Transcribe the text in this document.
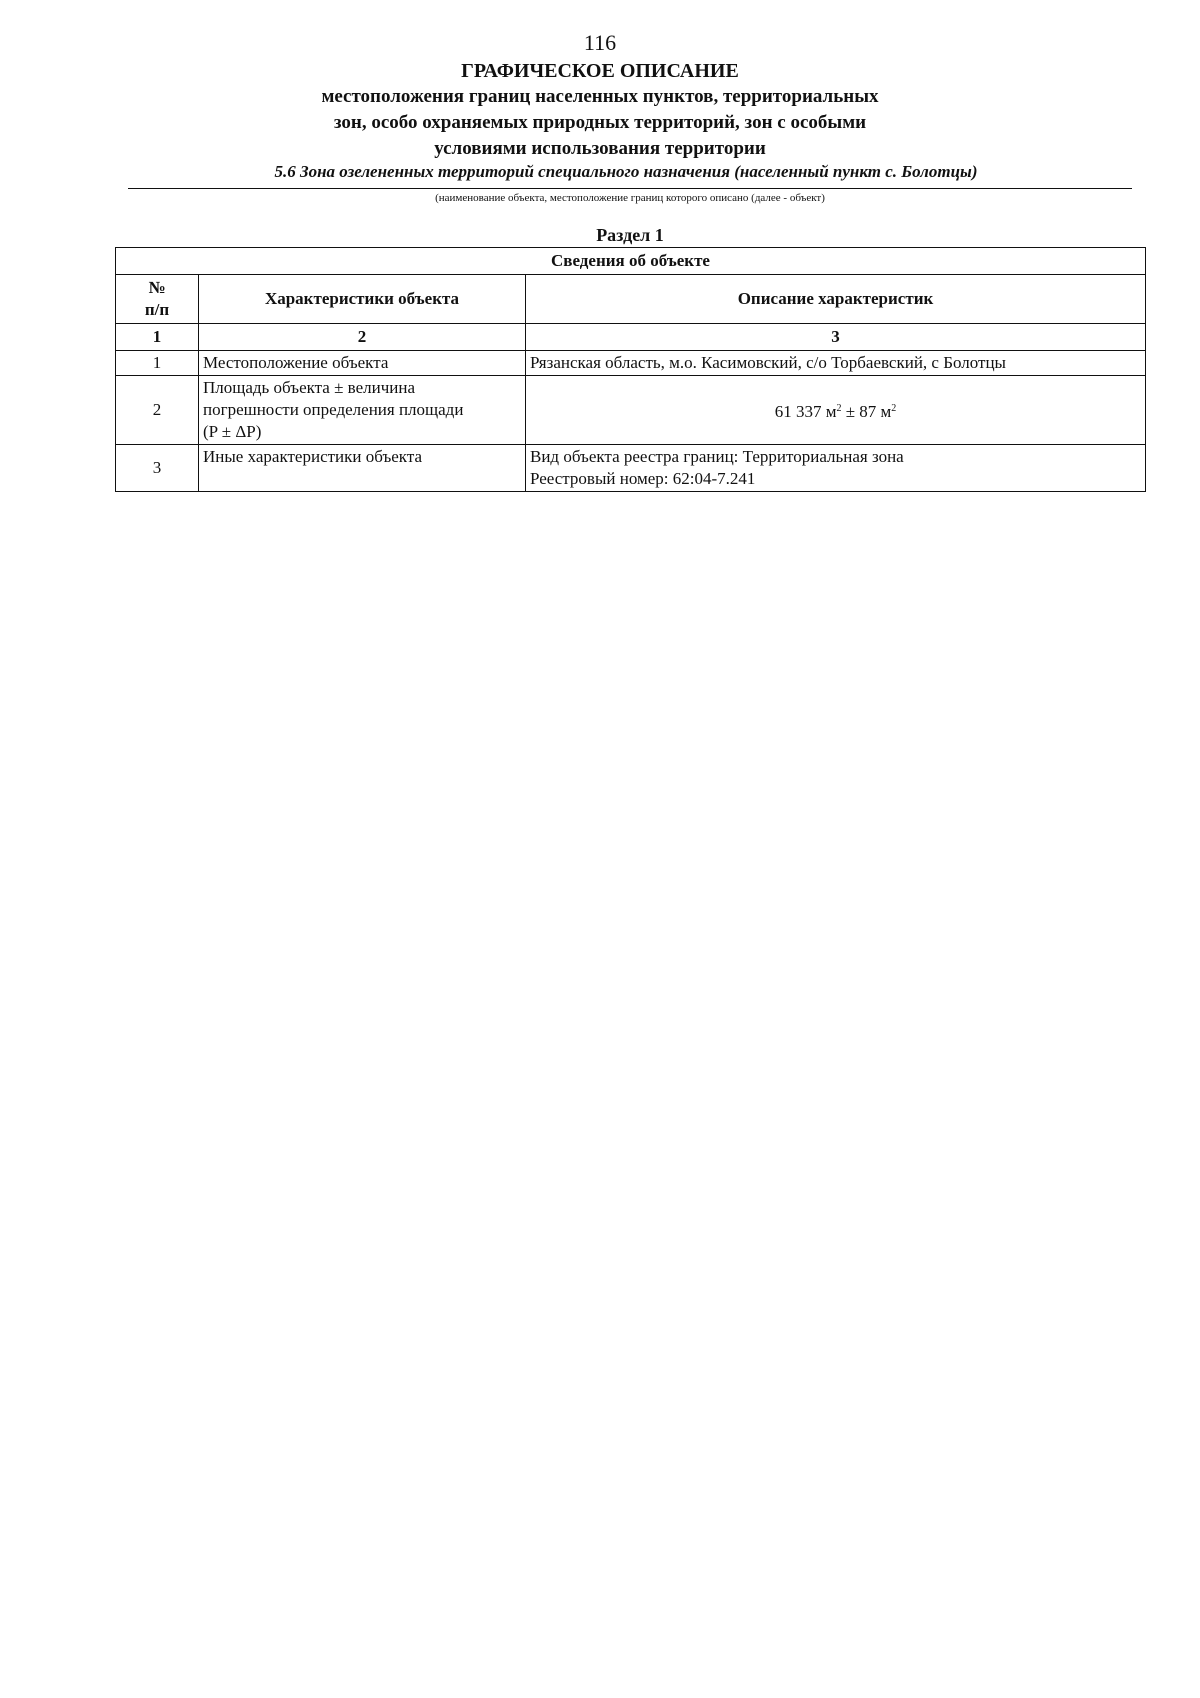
116
ГРАФИЧЕСКОЕ ОПИСАНИЕ
местоположения границ населенных пунктов, территориальных
зон, особо охраняемых природных территорий, зон с особыми
условиями использования территории
5.6 Зона озелененных территорий специального назначения (населенный пункт с. Болотцы)
(наименование объекта, местоположение границ которого описано (далее - объект)
Раздел 1
Сведения об объекте		

№
п/п	Характеристики объекта	Описание характеристик
1	2	3
1	Местоположение объекта	Рязанская область, м.о. Касимовский, с/о Торбаевский, с Болотцы
2	Площадь объекта ± величина
погрешности определения площади
(P ± ΔP)	61 337 $м^2 \pm 87$ $м^2$
3	Иные характеристики объекта	Вид объекта реестра границ: Территориальная зона
Реестровый номер: 62:04-7.241
